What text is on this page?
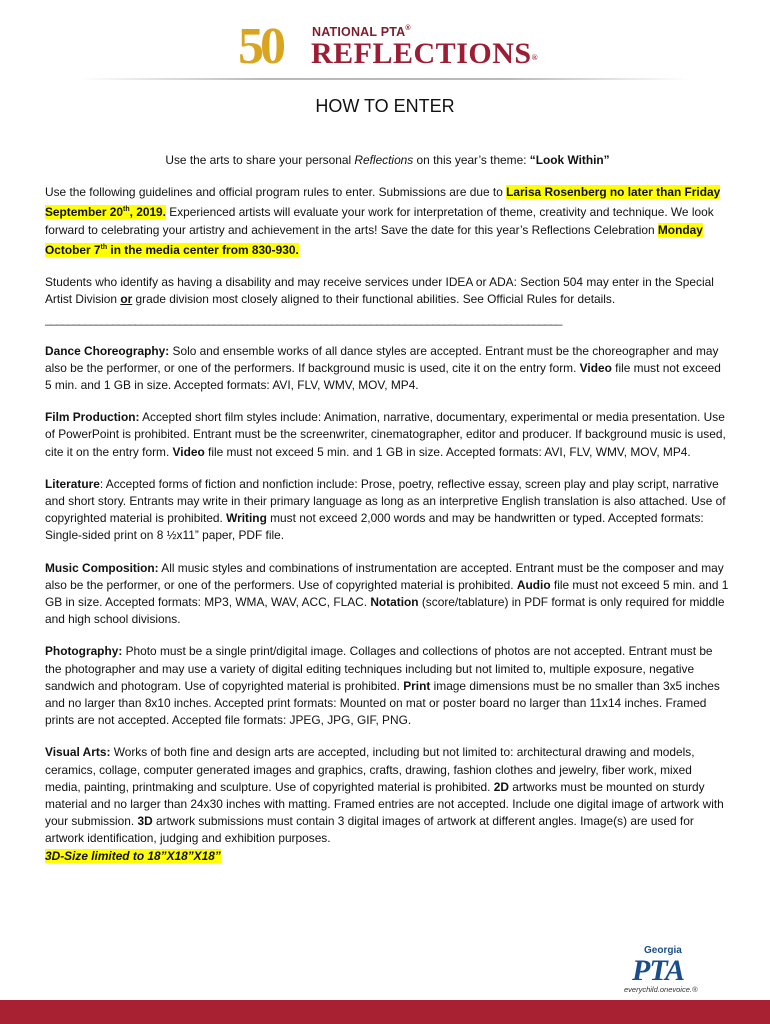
50 NATIONAL PTA®
REFLECTIONS®
HOW TO ENTER

Use the arts to share your personal Reflections on this year’s theme: “Look Within”

Use the following guidelines and official program rules to enter. Submissions are due to Larisa Rosenberg no later than Friday September 20th, 2019. Experienced artists will evaluate your work for interpretation of theme, creativity and technique. We look forward to celebrating your artistry and achievement in the arts! Save the date for this year’s Reflections Celebration Monday October 7th in the media center from 830-930.

Students who identify as having a disability and may receive services under IDEA or ADA: Section 504 may enter in the Special Artist Division or grade division most closely aligned to their functional abilities. See Official Rules for details.

____________________________________________________________________________________________

Dance Choreography: Solo and ensemble works of all dance styles are accepted. Entrant must be the choreographer and may also be the performer, or one of the performers. If background music is used, cite it on the entry form. Video file must not exceed 5 min. and 1 GB in size. Accepted formats: AVI, FLV, WMV, MOV, MP4.

Film Production: Accepted short film styles include: Animation, narrative, documentary, experimental or media presentation. Use of PowerPoint is prohibited. Entrant must be the screenwriter, cinematographer, editor and producer. If background music is used, cite it on the entry form. Video file must not exceed 5 min. and 1 GB in size. Accepted formats: AVI, FLV, WMV, MOV, MP4.

Literature: Accepted forms of fiction and nonfiction include: Prose, poetry, reflective essay, screen play and play script, narrative and short story. Entrants may write in their primary language as long as an interpretive English translation is also attached. Use of copyrighted material is prohibited. Writing must not exceed 2,000 words and may be handwritten or typed. Accepted formats: Single-sided print on 8 ½x11” paper, PDF file.

Music Composition: All music styles and combinations of instrumentation are accepted. Entrant must be the composer and may also be the performer, or one of the performers. Use of copyrighted material is prohibited. Audio file must not exceed 5 min. and 1 GB in size. Accepted formats: MP3, WMA, WAV, ACC, FLAC. Notation (score/tablature) in PDF format is only required for middle and high school divisions.

Photography: Photo must be a single print/digital image. Collages and collections of photos are not accepted. Entrant must be the photographer and may use a variety of digital editing techniques including but not limited to, multiple exposure, negative sandwich and photogram. Use of copyrighted material is prohibited. Print image dimensions must be no smaller than 3x5 inches and no larger than 8x10 inches. Accepted print formats: Mounted on mat or poster board no larger than 11x14 inches. Framed prints are not accepted. Accepted file formats: JPEG, JPG, GIF, PNG.

Visual Arts: Works of both fine and design arts are accepted, including but not limited to: architectural drawing and models, ceramics, collage, computer generated images and graphics, crafts, drawing, fashion clothes and jewelry, fiber work, mixed media, painting, printmaking and sculpture. Use of copyrighted material is prohibited. 2D artworks must be mounted on sturdy material and no larger than 24x30 inches with matting. Framed entries are not accepted. Include one digital image of artwork with your submission. 3D artwork submissions must contain 3 digital images of artwork at different angles. Image(s) are used for artwork identification, judging and exhibition purposes.
3D-Size limited to 18”X18”X18”

Georgia
PTA
everychild.onevoice.®
